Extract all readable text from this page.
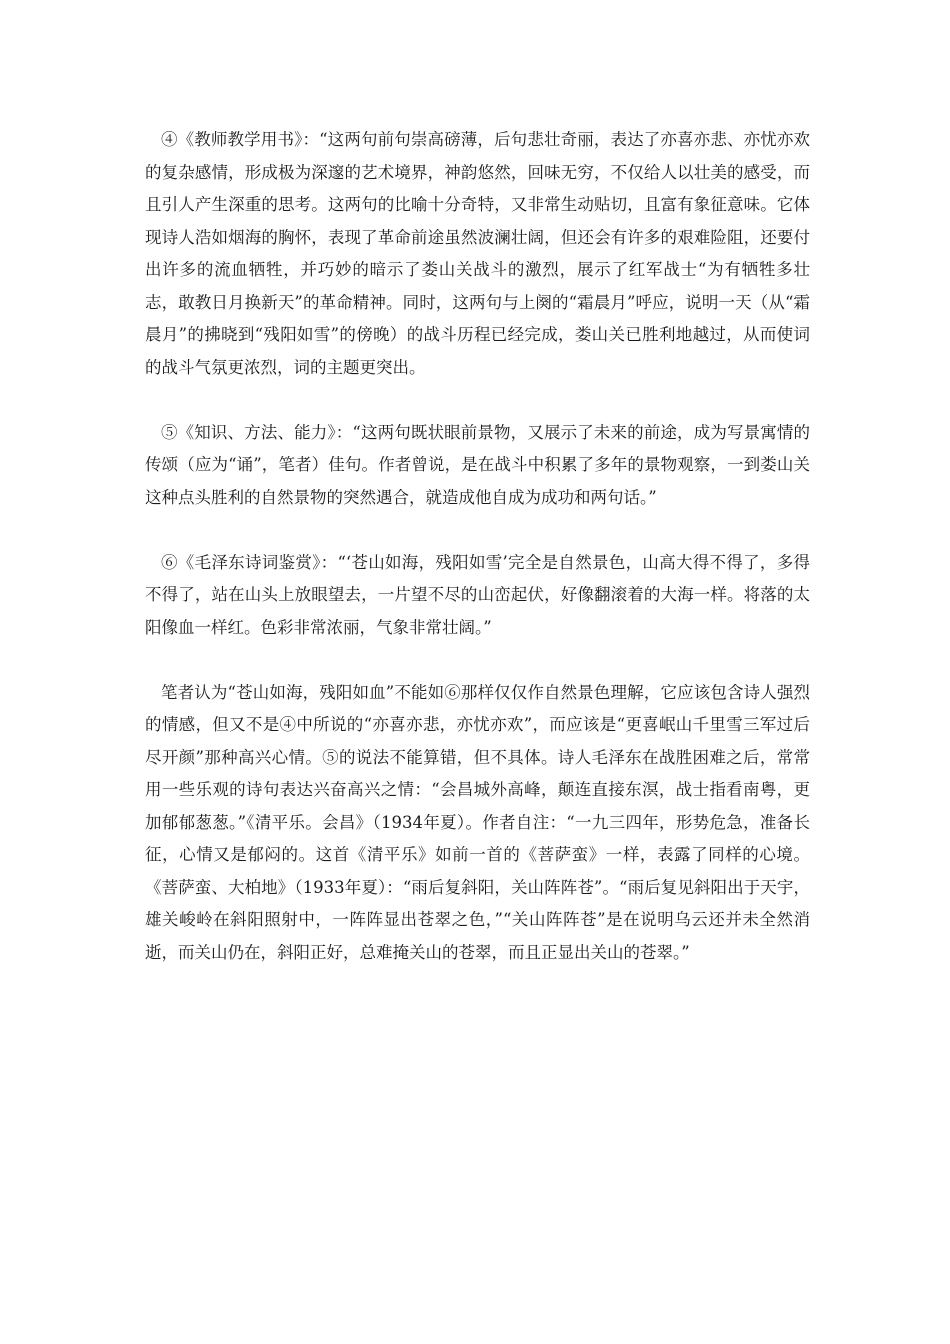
④《教师教学用书》：“这两句前句崇高磅薄，后句悲壮奇丽，表达了亦喜亦悲、亦忧亦欢的复杂感情，形成极为深邃的艺术境界，神韵悠然，回味无穷，不仅给人以壮美的感受，而且引人产生深重的思考。这两句的比喻十分奇特，又非常生动贴切，且富有象征意味。它体现诗人浩如烟海的胸怀，表现了革命前途虽然波澜壮阔，但还会有许多的艰难险阻，还要付出许多的流血牺牲，并巧妙的暗示了娄山关战斗的激烈，展示了红军战士“为有牺牲多壮志，敢教日月换新天”的革命精神。同时，这两句与上阕的“霜晨月”呼应，说明一天（从“霜晨月”的拂晓到“残阳如雪”的傍晚）的战斗历程已经完成，娄山关已胜利地越过，从而使词的战斗气氛更浓烈，词的主题更突出。

⑤《知识、方法、能力》：“这两句既状眼前景物，又展示了未来的前途，成为写景寓情的传颂（应为“诵”，笔者）佳句。作者曾说，是在战斗中积累了多年的景物观察，一到娄山关这种点头胜利的自然景物的突然遇合，就造成他自成为成功和两句话。”

⑥《毛泽东诗词鉴赏》：“‘苍山如海，残阳如雪’完全是自然景色，山高大得不得了，多得不得了，站在山头上放眼望去，一片望不尽的山峦起伏，好像翻滚着的大海一样。将落的太阳像血一样红。色彩非常浓丽，气象非常壮阔。”

笔者认为“苍山如海，残阳如血”不能如⑥那样仅仅作自然景色理解，它应该包含诗人强烈的情感，但又不是④中所说的“亦喜亦悲，亦忧亦欢”，而应该是“更喜岷山千里雪三军过后尽开颜”那种高兴心情。⑤的说法不能算错，但不具体。诗人毛泽东在战胜困难之后，常常用一些乐观的诗句表达兴奋高兴之情：“会昌城外高峰，颠连直接东溟，战士指看南粤，更加郁郁葱葱。”《清平乐。会昌》（1934年夏）。作者自注：“一九三四年，形势危急，准备长征，心情又是郁闷的。这首《清平乐》如前一首的《菩萨蛮》一样，表露了同样的心境。《菩萨蛮、大柏地》（1933年夏）：“雨后复斜阳，关山阵阵苍”。“雨后复见斜阳出于天宇，雄关峻岭在斜阳照射中，一阵阵显出苍翠之色，”“关山阵阵苍”是在说明乌云还并未全然消逝，而关山仍在，斜阳正好，总难掩关山的苍翠，而且正显出关山的苍翠。”
